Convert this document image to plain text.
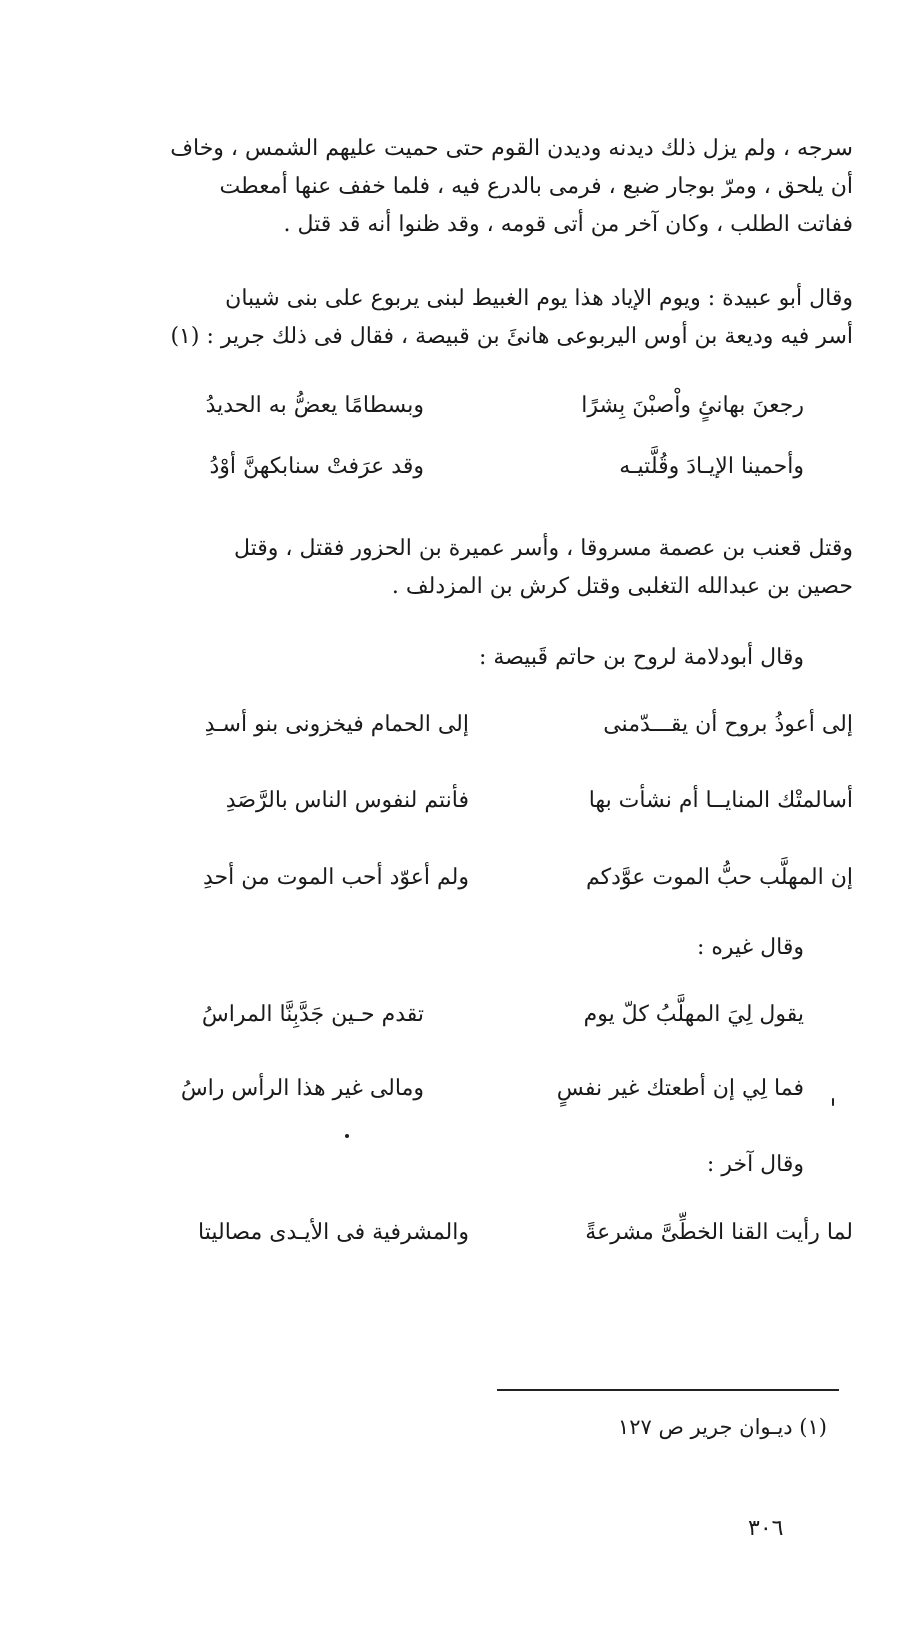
سرجه ، ولم يزل ذلك ديدنه وديدن القوم حتى حميت عليهم الشمس ، وخاف
أن يلحق ، ومرّ بوجار ضبع ، فرمى بالدرع فيه ، فلما خفف عنها أمعطت
ففاتت الطلب ، وكان آخر من أتى قومه ، وقد ظنوا أنه قد قتل .
وقال أبو عبيدة : ويوم الإياد هذا يوم الغبيط لبنى يربوع على بنى شيبان
أسر فيه وديعة بن أوس اليربوعى هانئَ بن قبيصة ، فقال فى ذلك جرير : (١)
رجعنَ بهانئٍ واْصبْنَ بِشرًا
وبسطامًا يعضُّ به الحديدُ
وأحمينا الإيـادَ وقُلَّتيـه
وقد عرَفتْ سنابكهنَّ أوْدُ
وقتل قعنب بن عصمة مسروقا ، وأسر عميرة بن الحزور فقتل ، وقتل
حصين بن عبدالله التغلبى وقتل كرش بن المزدلف .
وقال أبودلامة لروح بن حاتم قَبيصة :
إلى أعوذُ بروح أن يقـــدّمنى
إلى الحمام فيخزونى بنو أسـدِ
أسالمتْك المنايــا أم نشأت بها
فأنتم لنفوس الناس بالرَّصَدِ
إن المهلَّب حبُّ الموت عوَّدكم
ولم أعوّد أحب الموت من أحدِ
وقال غيره :
يقول لِيَ المهلَّبُ كلّ يوم
تقدم حـين جَدَّبِنَّا المراسُ
فما لِي إن أطعتك غير نفسٍ
ومالى غير هذا الرأس راسُ
وقال آخر :
لما رأيت القنا الخطِّىَّ مشرعةً
والمشرفية فى الأيـدى مصاليتا
(١) ديـوان جرير ص ١٢٧
٣٠٦
